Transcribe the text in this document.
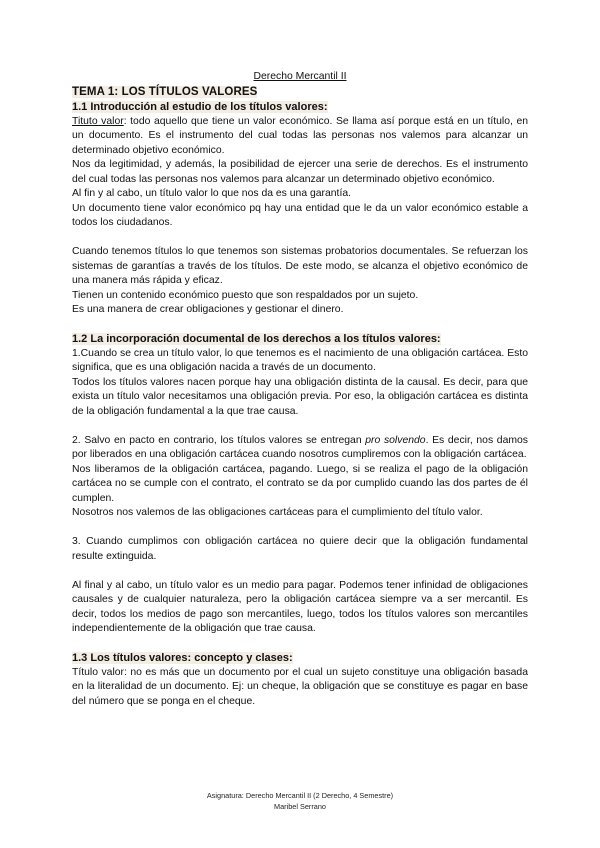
Derecho Mercantil II
TEMA 1: LOS TÍTULOS VALORES
1.1 Introducción al estudio de los títulos valores:

Tituto valor: todo aquello que tiene un valor económico. Se llama así porque está en un título, en un documento. Es el instrumento del cual todas las personas nos valemos para alcanzar un determinado objetivo económico.

Nos da legitimidad, y además, la posibilidad de ejercer una serie de derechos. Es el instrumento del cual todas las personas nos valemos para alcanzar un determinado objetivo económico.

Al fin y al cabo, un título valor lo que nos da es una garantía.

Un documento tiene valor económico pq hay una entidad que le da un valor económico estable a todos los ciudadanos.

Cuando tenemos títulos lo que tenemos son sistemas probatorios documentales. Se refuerzan los sistemas de garantías a través de los títulos. De este modo, se alcanza el objetivo económico de una manera más rápida y eficaz.

Tienen un contenido económico puesto que son respaldados por un sujeto.

Es una manera de crear obligaciones y gestionar el dinero.

1.2 La incorporación documental de los derechos a los títulos valores:

1.Cuando se crea un título valor, lo que tenemos es el nacimiento de una obligación cartácea. Esto significa, que es una obligación nacida a través de un documento.

Todos los títulos valores nacen porque hay una obligación distinta de la causal. Es decir, para que exista un título valor necesitamos una obligación previa. Por eso, la obligación cartácea es distinta de la obligación fundamental a la que trae causa.

2. Salvo en pacto en contrario, los títulos valores se entregan pro solvendo. Es decir, nos damos por liberados en una obligación cartácea cuando nosotros cumpliremos con la obligación cartácea.

Nos liberamos de la obligación cartácea, pagando. Luego, si se realiza el pago de la obligación cartácea no se cumple con el contrato, el contrato se da por cumplido cuando las dos partes de él cumplen.

Nosotros nos valemos de las obligaciones cartáceas para el cumplimiento del título valor.

3. Cuando cumplimos con obligación cartácea no quiere decir que la obligación fundamental resulte extinguida.

Al final y al cabo, un título valor es un medio para pagar. Podemos tener infinidad de obligaciones causales y de cualquier naturaleza, pero la obligación cartácea siempre va a ser mercantil. Es decir, todos los medios de pago son mercantiles, luego, todos los títulos valores son mercantiles independientemente de la obligación que trae causa.

1.3 Los títulos valores: concepto y clases:

Título valor: no es más que un documento por el cual un sujeto constituye una obligación basada en la literalidad de un documento. Ej: un cheque, la obligación que se constituye es pagar en base del número que se ponga en el cheque.

Asignatura: Derecho Mercantil II (2 Derecho, 4 Semestre)
Maribel Serrano
